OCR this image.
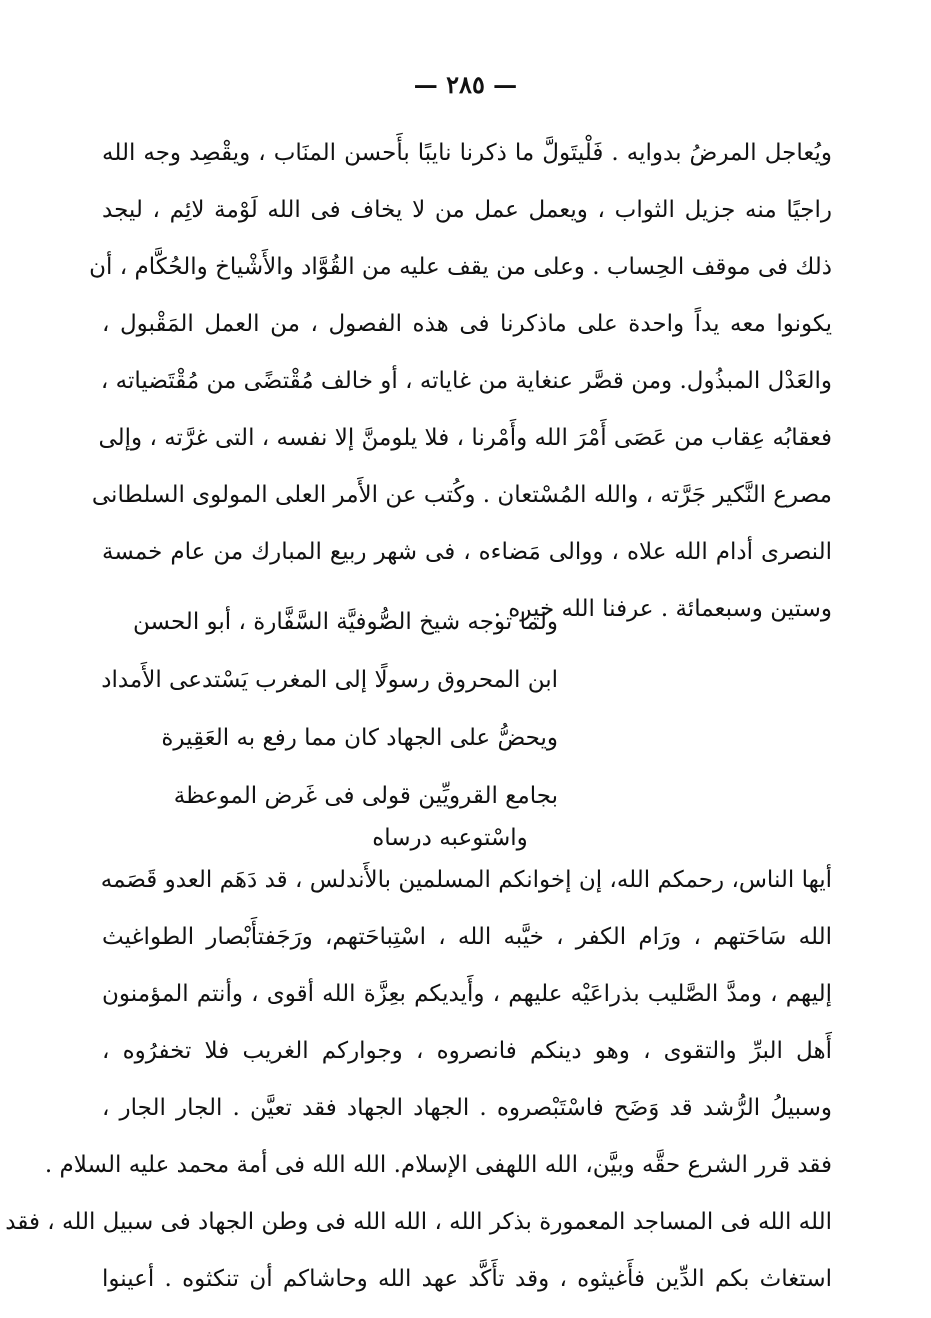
— ٢٨٥ —
ويُعاجل المرضُ بدوايه . فَلْيتَولَّ ما ذكرنا نايبًا بأَحسن المنَاب ، ويقْصِد وجه الله
راجيًا منه جزيل الثواب ، ويعمل عمل من لا يخاف فى الله لَوْمة لائِم ، ليجد
ذلك فى موقف الحِساب . وعلى من يقف عليه من القُوَّاد والأَشْياخ والحُكَّام ، أن
يكونوا معه يداً واحدة على ماذكرنا فى هذه الفصول ، من العمل المَقْبول ،
والعَدْل المبذُول. ومن قصَّر عنغاية من غاياته ، أو خالف مُقْتضًى من مُقْتَضياته ،
فعقابُه عِقاب من عَصَى أَمْرَ الله وأَمْرنا ، فلا يلومنَّ إلا نفسه ، التى غرَّته ، وإلى
مصرع النَّكير جَرَّته ، والله المُسْتعان . وكُتب عن الأَمر العلى المولوى السلطانى
النصرى أدام الله علاه ، ووالى مَضاءه ، فى شهر ربيع المبارك من عام خمسة
وستين وسبعمائة . عرفنا الله خيره .
ولما توجه شيخ الصُّوفيَّة السَّفَّارة ، أبو الحسن
ابن المحروق رسولًا إلى المغرب يَسْتدعى الأَمداد
ويحضُّ على الجهاد كان مما رفع به العَقِيرة
بجامع القرويِّين قولى فى غَرض الموعظة
واسْتوعبه درساه
أيها الناس، رحمكم الله، إن إخوانكم المسلمين بالأَندلس ، قد دَهَم العدو قَصَمه
الله سَاحَتهم ، ورَام الكفر ، خيَّبه الله ، اسْتِباحَتهم، ورَجَفتأَبْصار الطواغيث
إليهم ، ومدَّ الصَّليب بذراعَيْه عليهم ، وأَيديكم بعِزَّة الله أقوى ، وأنتم المؤمنون
أَهل البرِّ والتقوى ، وهو دينكم فانصروه ، وجواركم الغريب فلا تخفرُوه ،
وسبيلُ الرُّشد قد وَضَح فاسْتَبْصروه . الجهاد الجهاد فقد تعيَّن . الجار الجار ،
فقد قرر الشرع حقَّه وبيَّن، الله اللهفى الإسلام. الله الله فى أمة محمد عليه السلام .
الله الله فى المساجد المعمورة بذكر الله ، الله الله فى وطن الجهاد فى سبيل الله ، فقد
استغاث بكم الدِّين فأَغيثوه ، وقد تأَكَّد عهد الله وحاشاكم أن تنكثوه . أعينوا
